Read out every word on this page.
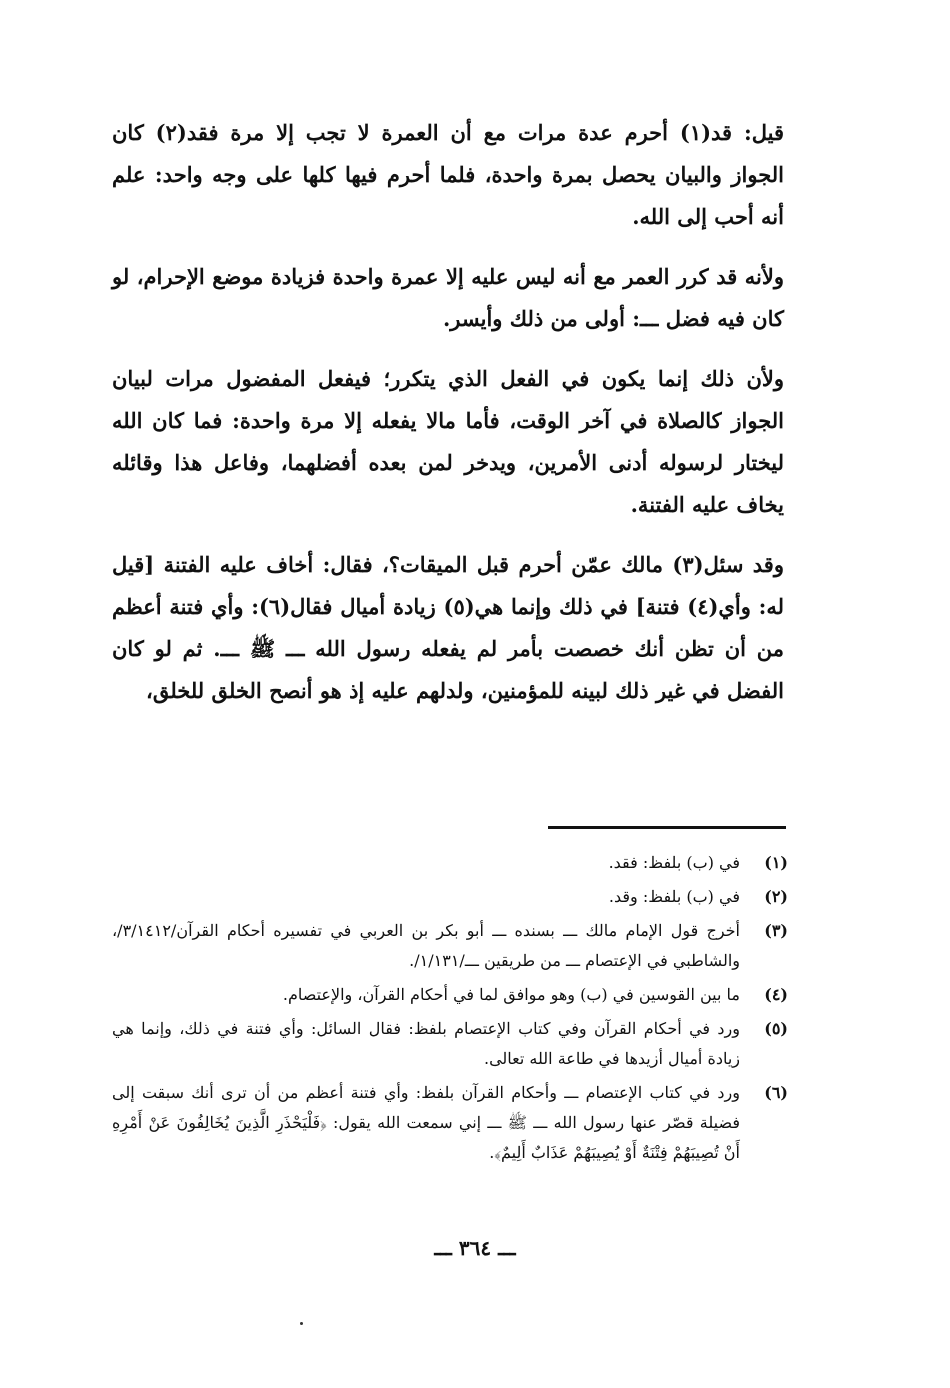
قيل: قد(١) أحرم عدة مرات مع أن العمرة لا تجب إلا مرة فقد(٢) كان الجواز والبيان يحصل بمرة واحدة، فلما أحرم فيها كلها على وجه واحد: علم أنه أحب إلى الله.

ولأنه قد كرر العمر مع أنه ليس عليه إلا عمرة واحدة فزيادة موضع الإحرام، لو كان فيه فضل ـــ: أولى من ذلك وأيسر.

ولأن ذلك إنما يكون في الفعل الذي يتكرر؛ فيفعل المفضول مرات لبيان الجواز كالصلاة في آخر الوقت، فأما مالا يفعله إلا مرة واحدة: فما كان الله ليختار لرسوله أدنى الأمرين، ويدخر لمن بعده أفضلهما، وفاعل هذا وقائله يخاف عليه الفتنة.

وقد سئل(٣) مالك عمّن أحرم قبل الميقات؟، فقال: أخاف عليه الفتنة [قيل له: وأي(٤) فتنة] في ذلك وإنما هي(٥) زيادة أميال فقال(٦): وأي فتنة أعظم من أن تظن أنك خصصت بأمر لم يفعله رسول الله ـــ ﷺ ـــ. ثم لو كان الفضل في غير ذلك لبينه للمؤمنين، ولدلهم عليه إذ هو أنصح الخلق للخلق،

(١)
في (ب) بلفظ: فقد.
(٢)
في (ب) بلفظ: وقد.
(٣)
أخرج قول الإمام مالك ـــ بسنده ـــ أبو بكر بن العربي في تفسيره أحكام القرآن/٣/١٤١٢/، والشاطبي في الإعتصام ـــ من طريقين ـــ/١/١٣١/.
(٤)
ما بين القوسين في (ب) وهو موافق لما في أحكام القرآن، والإعتصام.
(٥)
ورد في أحكام القرآن وفي كتاب الإعتصام بلفظ: فقال السائل: وأي فتنة في ذلك، وإنما هي زيادة أميال أزيدها في طاعة الله تعالى.
(٦)
ورد في كتاب الإعتصام ـــ وأحكام القرآن بلفظ: وأي فتنة أعظم من أن ترى أنك سبقت إلى فضيلة قصّر عنها رسول الله ـــ ﷺ ـــ إني سمعت الله يقول: ﴿فَلْيَحْذَرِ الَّذِينَ يُخَالِفُونَ عَنْ أَمْرِهِ أَنْ تُصِيبَهُمْ فِتْنَةٌ أَوْ يُصِيبَهُمْ عَذَابٌ أَلِيمٌ﴾.
ـــ ٣٦٤ ـــ
